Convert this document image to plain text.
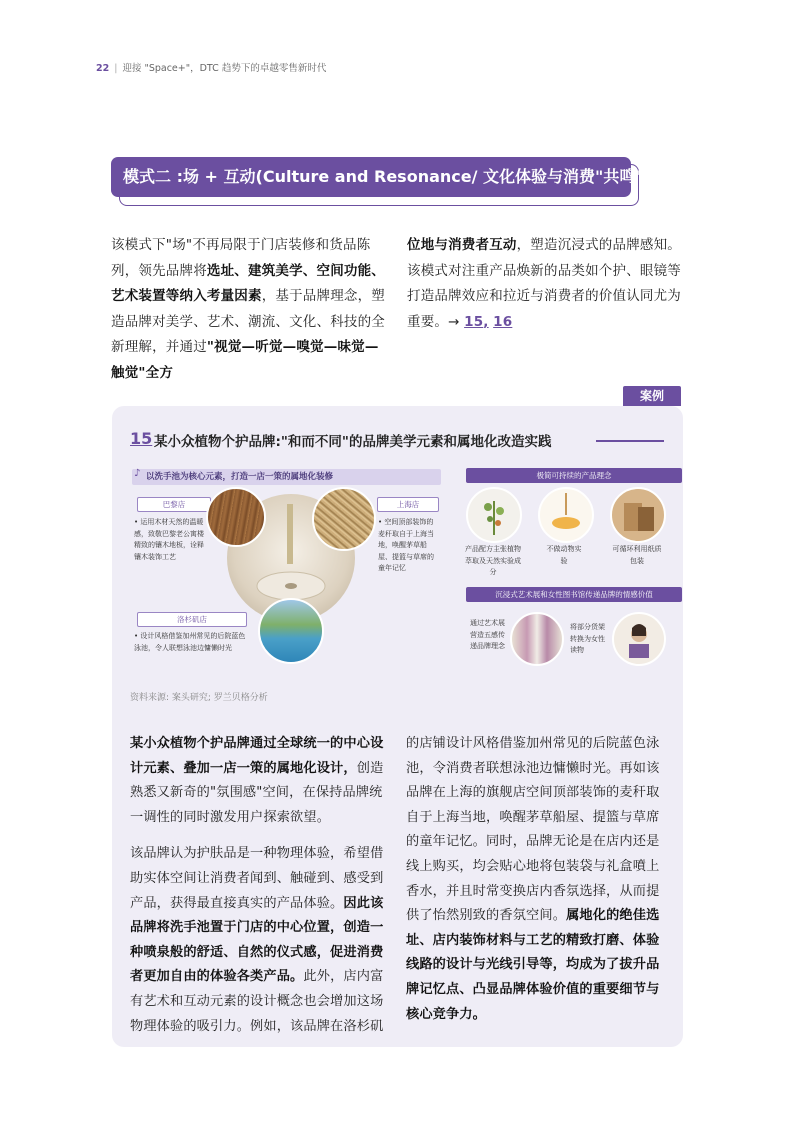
22 | 迎接 "Space+"，DTC 趋势下的卓越零售新时代
模式二 :场 + 互动(Culture and Resonance/ 文化体验与消费"共鸣")
该模式下"场"不再局限于门店装修和货品陈列，领先品牌将选址、建筑美学、空间功能、艺术装置等纳入考量因素，基于品牌理念，塑造品牌对美学、艺术、潮流、文化、科技的全新理解，并通过"视觉—听觉—嗅觉—味觉—触觉"全方
位地与消费者互动，塑造沉浸式的品牌感知。该模式对注重产品焕新的品类如个护、眼镜等打造品牌效应和拉近与消费者的价值认同尤为重要。→ 15, 16
案例
15 某小众植物个护品牌:"和而不同"的品牌美学元素和属地化改造实践
以洗手池为核心元素，打造一店一策的属地化装修
♪
巴黎店
• 运用木材天然的温暖感，致敬巴黎老公寓楼精致的镶木地板，诠释镶木装饰工艺
上海店
• 空间顶部装饰的麦秆取自于上海当地，唤醒茅草船屋、提篮与草席的童年记忆
洛杉矶店
• 设计风格借鉴加州常见的后院蓝色泳池，令人联想泳池边慵懒时光
极简可持续的产品理念
产品配方主张植物萃取及天然实验成分
不做动物实验
可循环利用纸质包装
沉浸式艺术展和女性图书馆传递品牌的情感价值
通过艺术展营造五感传递品牌理念
将部分货架转换为女性读物
资料来源: 案头研究; 罗兰贝格分析

某小众植物个护品牌通过全球统一的中心设计元素、叠加一店一策的属地化设计，创造熟悉又新奇的"氛围感"空间，在保持品牌统一调性的同时激发用户探索欲望。

该品牌认为护肤品是一种物理体验，希望借助实体空间让消费者闻到、触碰到、感受到产品，获得最直接真实的产品体验。因此该品牌将洗手池置于门店的中心位置，创造一种喷泉般的舒适、自然的仪式感，促进消费者更加自由的体验各类产品。此外，店内富有艺术和互动元素的设计概念也会增加这场物理体验的吸引力。例如，该品牌在洛杉矶

的店铺设计风格借鉴加州常见的后院蓝色泳池，令消费者联想泳池边慵懒时光。再如该品牌在上海的旗舰店空间顶部装饰的麦秆取自于上海当地，唤醒茅草船屋、提篮与草席的童年记忆。同时，品牌无论是在店内还是线上购买，均会贴心地将包装袋与礼盒噴上香水，并且时常变换店内香氛选择，从而提供了怡然别致的香氛空间。属地化的绝佳选址、店内装饰材料与工艺的精致打磨、体验线路的设计与光线引导等，均成为了拔升品牌记忆点、凸显品牌体验价值的重要细节与核心竞争力。
